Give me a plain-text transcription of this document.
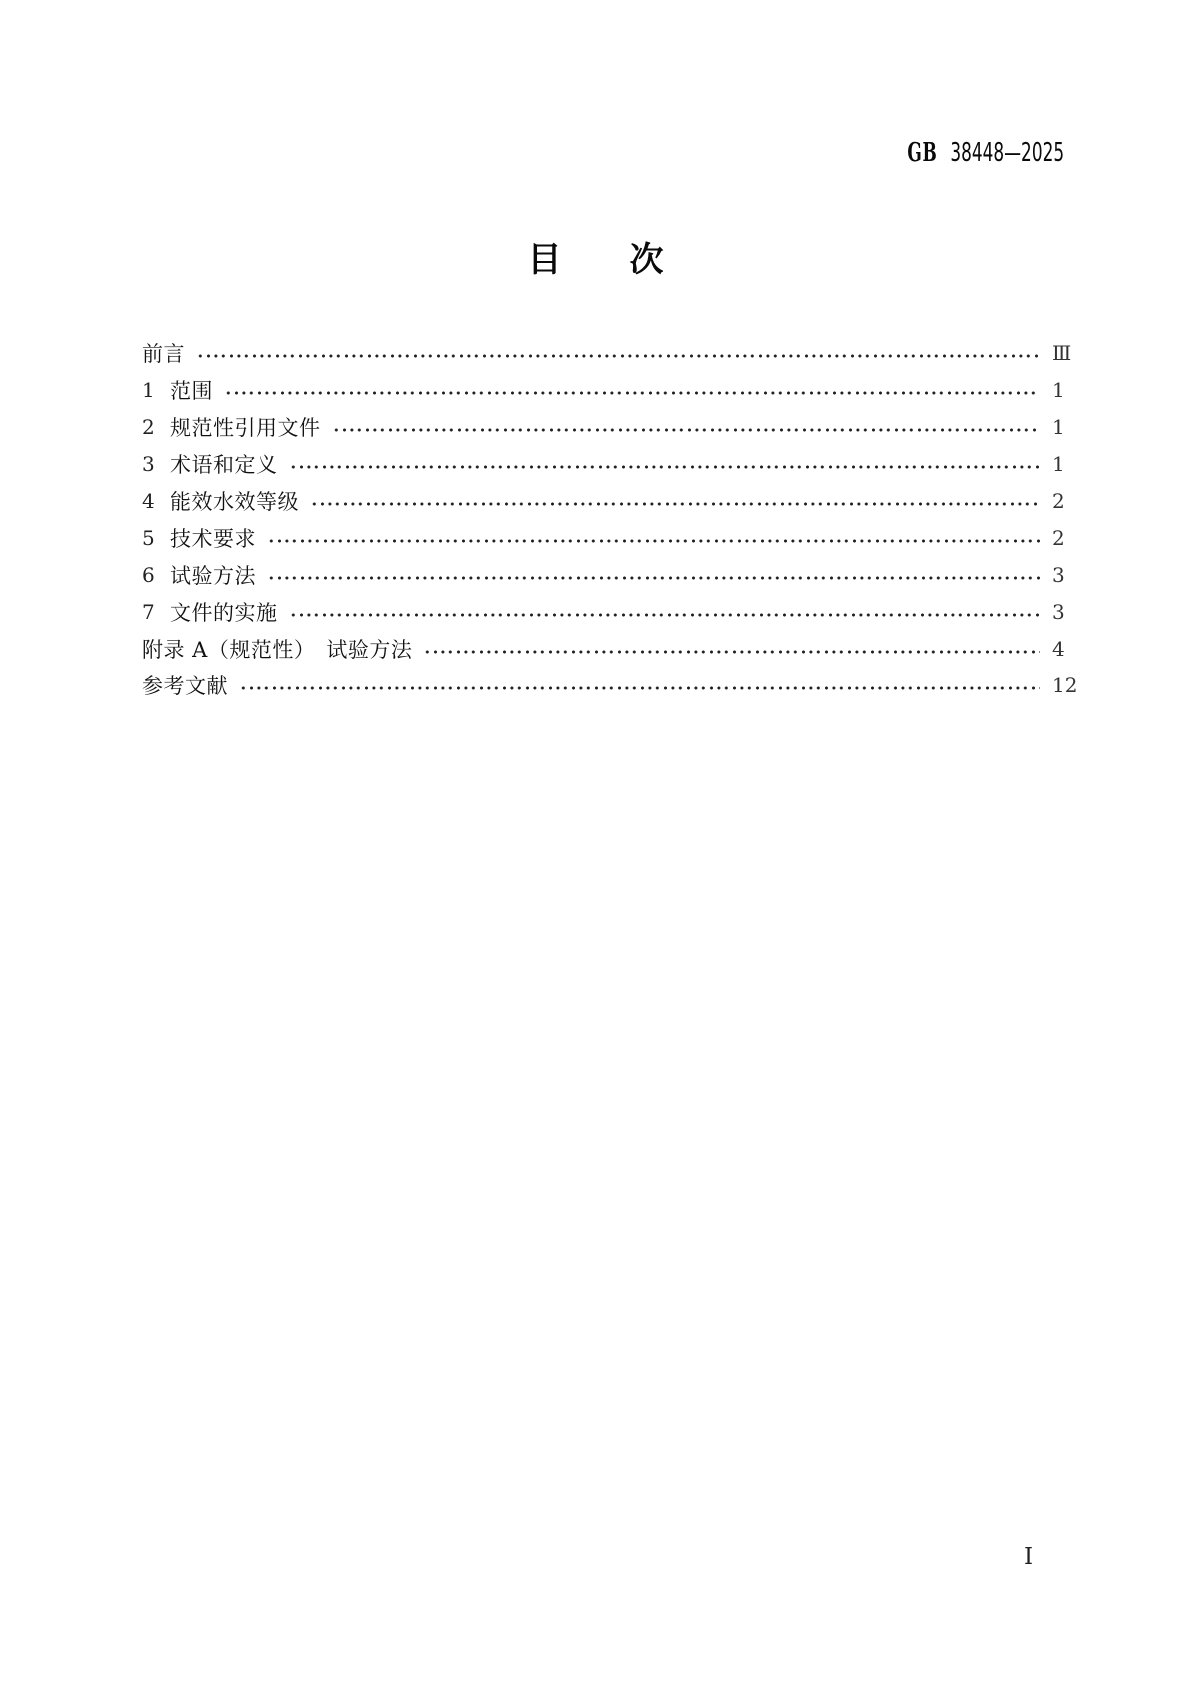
GB 38448—2025
目　　次
前言	Ⅲ
1 范围	1
2 规范性引用文件	1
3 术语和定义	1
4 能效水效等级	2
5 技术要求	2
6 试验方法	3
7 文件的实施	3
附录 A（规范性）　试验方法	4
参考文献	12
Ⅰ
